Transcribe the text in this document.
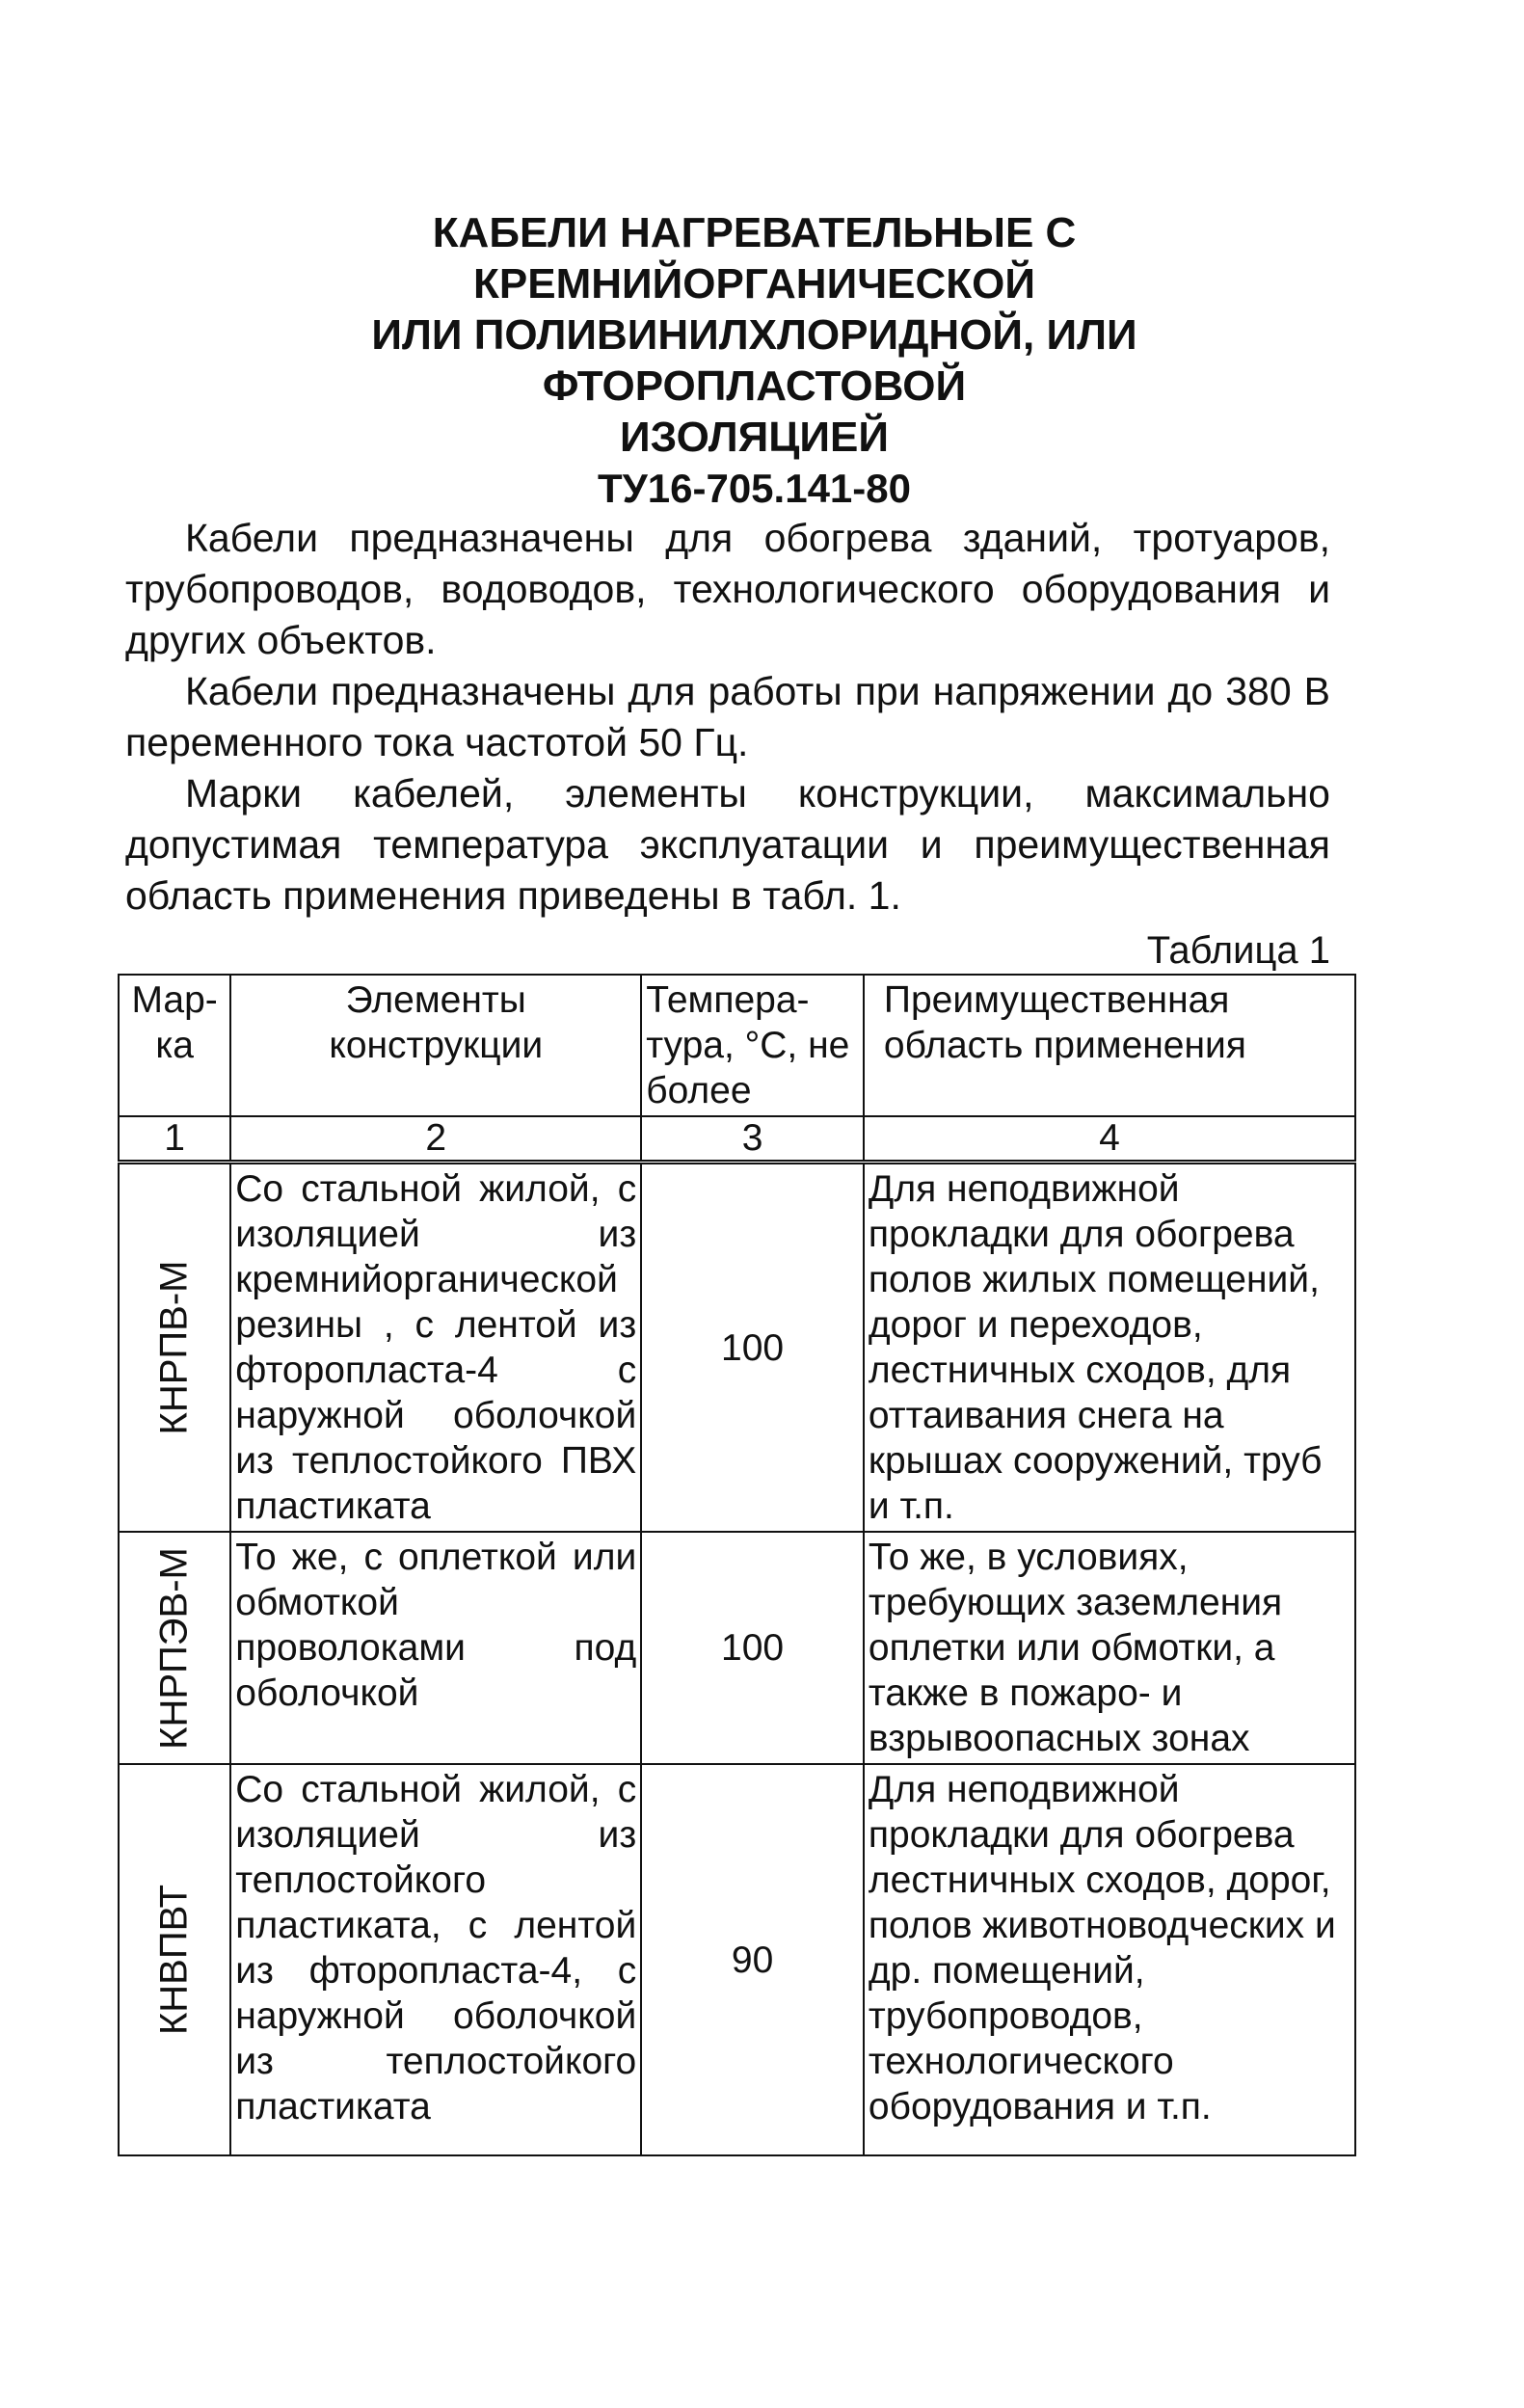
КАБЕЛИ НАГРЕВАТЕЛЬНЫЕ С КРЕМНИЙОРГАНИЧЕСКОЙ
ИЛИ ПОЛИВИНИЛХЛОРИДНОЙ, ИЛИ ФТОРОПЛАСТОВОЙ
ИЗОЛЯЦИЕЙ
ТУ16-705.141-80

Кабели предназначены для обогрева зданий, тротуаров, трубопроводов, водоводов, технологического оборудования и других объектов.

Кабели предназначены для работы при напряжении до 380 В переменного тока частотой 50 Гц.

Марки кабелей, элементы конструкции, максимально допустимая температура эксплуатации и преимущественная область применения приведены в табл. 1.

Таблица 1
Мар-ка	Элементы конструкции	Темпера-тура, °С, не более	Преимущественная область применения
1	2	3	4

КНРПВ-М	Со стальной жилой, с изоляцией из кремнийорганической резины , с лентой из фторопласта-4 с наружной оболочкой из теплостойкого ПВХ пластиката	100	Для неподвижной прокладки для обогрева полов жилых помещений, дорог и переходов, лестничных сходов, для оттаивания снега на крышах сооружений, труб и т.п.

КНРПЭВ-М	То же, с оплеткой или обмоткой проволоками под оболочкой	100	То же, в условиях, требующих заземления оплетки или обмотки, а также в пожаро- и взрывоопасных зонах

КНВПВТ	Со стальной жилой, с изоляцией из теплостойкого пластиката, с лентой из фторопласта-4, с наружной оболочкой из теплостойкого пластиката	90	Для неподвижной прокладки для обогрева лестничных сходов, дорог, полов животноводческих и др. помещений, трубопроводов, технологического оборудования и т.п.
